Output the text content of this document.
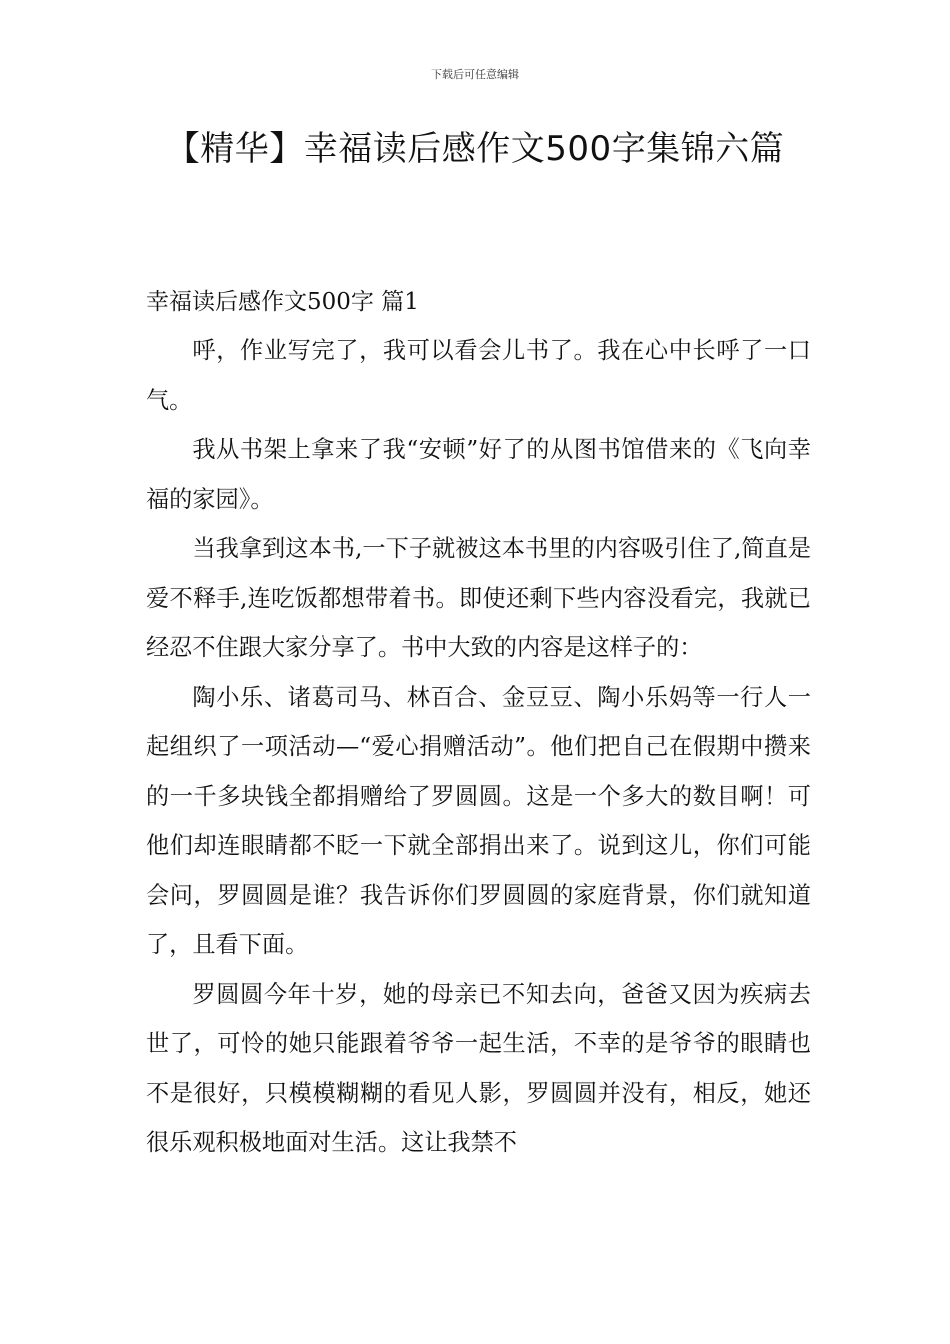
下载后可任意编辑
【精华】幸福读后感作文500字集锦六篇
幸福读后感作文500字 篇1

呼，作业写完了，我可以看会儿书了。我在心中长呼了一口气。

我从书架上拿来了我“安顿”好了的从图书馆借来的《飞向幸福的家园》。

当我拿到这本书,一下子就被这本书里的内容吸引住了,简直是爱不释手,连吃饭都想带着书。即使还剩下些内容没看完，我就已经忍不住跟大家分享了。书中大致的内容是这样子的：

陶小乐、诸葛司马、林百合、金豆豆、陶小乐妈等一行人一起组织了一项活动—“爱心捐赠活动”。他们把自己在假期中攒来的一千多块钱全都捐赠给了罗圆圆。这是一个多大的数目啊！可他们却连眼睛都不眨一下就全部捐出来了。说到这儿，你们可能会问，罗圆圆是谁？我告诉你们罗圆圆的家庭背景，你们就知道了，且看下面。

罗圆圆今年十岁，她的母亲已不知去向，爸爸又因为疾病去世了，可怜的她只能跟着爷爷一起生活，不幸的是爷爷的眼睛也不是很好，只模模糊糊的看见人影，罗圆圆并没有，相反，她还很乐观积极地面对生活。这让我禁不
